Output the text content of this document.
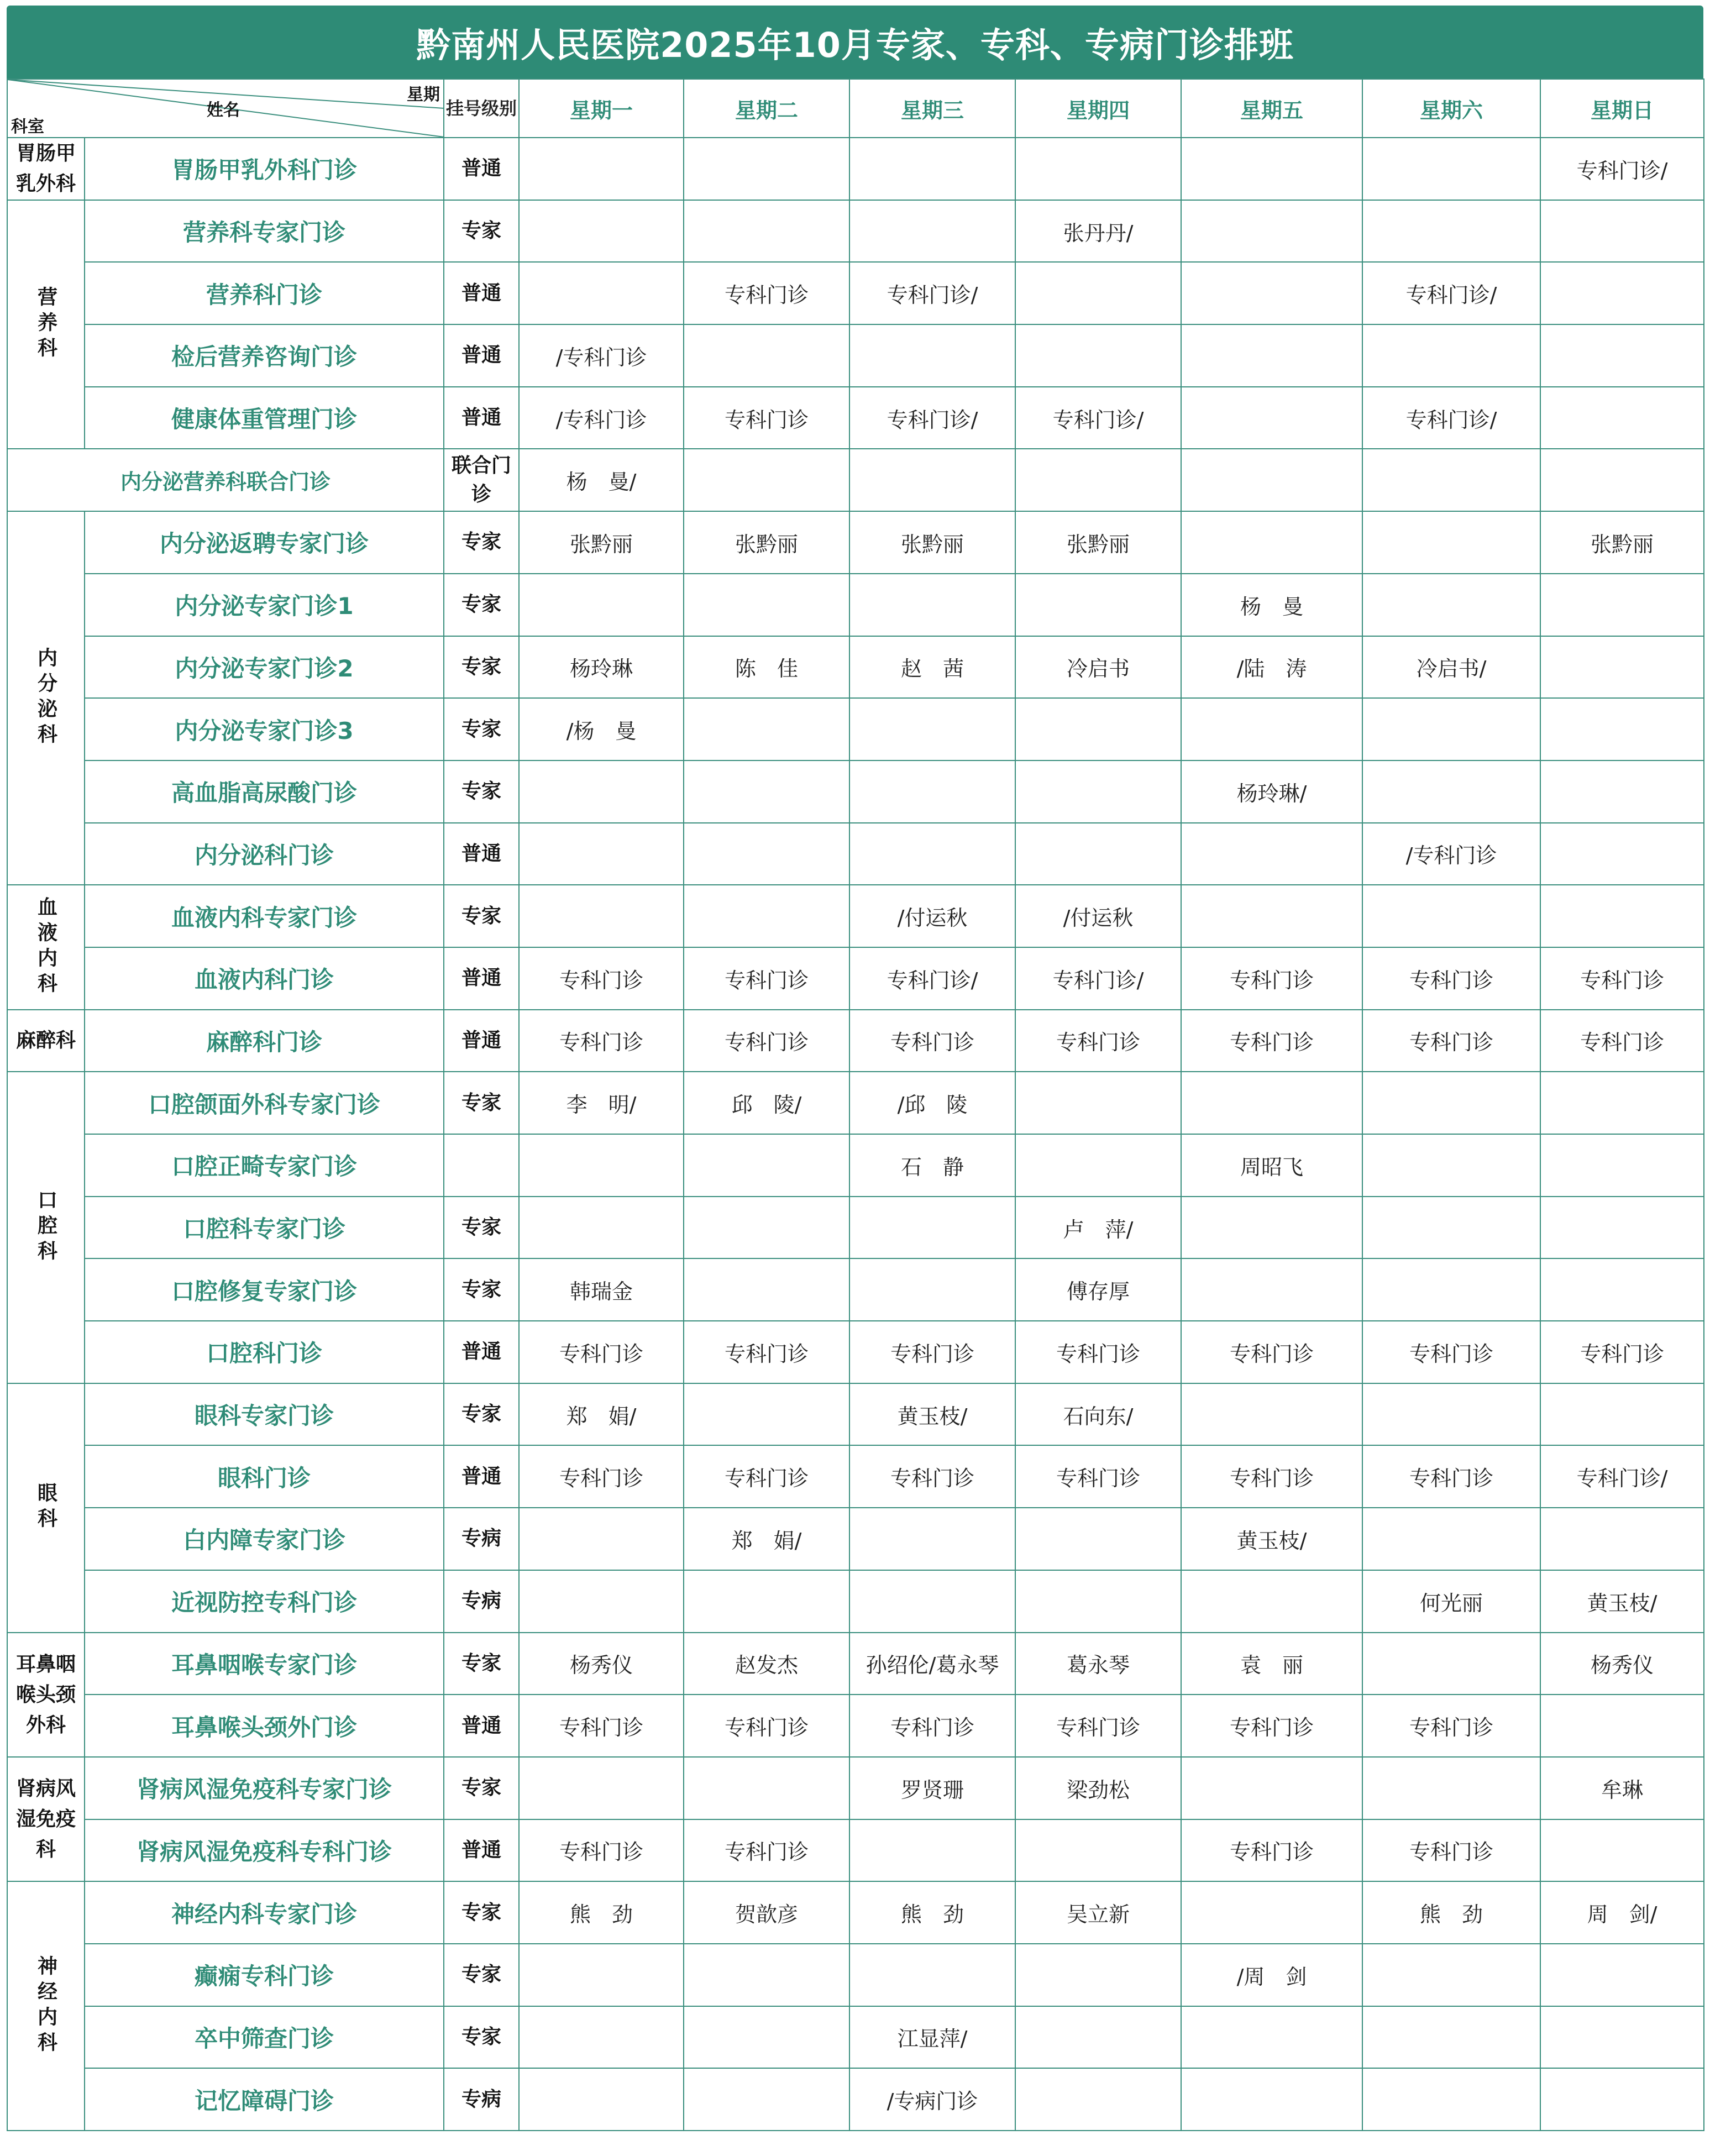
黔南州人民医院2025年10月专家、专科、专病门诊排班
星期
姓名
科室		挂号级别	星期一	星期二	星期三	星期四	星期五	星期六	星期日
胃肠甲乳外科	胃肠甲乳外科门诊	普通							专科门诊/
营养科	营养科专家门诊	专家				张丹丹/			
	营养科门诊	普通		专科门诊	专科门诊/			专科门诊/	
	检后营养咨询门诊	普通	/专科门诊						
	健康体重管理门诊	普通	/专科门诊	专科门诊	专科门诊/	专科门诊/		专科门诊/	
内分泌营养科联合门诊		联合门诊	杨　曼/						
内分泌科	内分泌返聘专家门诊	专家	张黔丽	张黔丽	张黔丽	张黔丽			张黔丽
	内分泌专家门诊1	专家					杨　曼		
	内分泌专家门诊2	专家	杨玲琳	陈　佳	赵　茜	冷启书	/陆　涛	冷启书/	
	内分泌专家门诊3	专家	/杨　曼						
	高血脂高尿酸门诊	专家					杨玲琳/		
	内分泌科门诊	普通						/专科门诊	
血液内科	血液内科专家门诊	专家			/付运秋	/付运秋			
	血液内科门诊	普通	专科门诊	专科门诊	专科门诊/	专科门诊/	专科门诊	专科门诊	专科门诊
麻醉科	麻醉科门诊	普通	专科门诊	专科门诊	专科门诊	专科门诊	专科门诊	专科门诊	专科门诊
口腔科	口腔颌面外科专家门诊	专家	李　明/	邱　陵/	/邱　陵				
	口腔正畸专家门诊				石　静		周昭飞		
	口腔科专家门诊	专家				卢　萍/			
	口腔修复专家门诊	专家	韩瑞金			傅存厚			
	口腔科门诊	普通	专科门诊	专科门诊	专科门诊	专科门诊	专科门诊	专科门诊	专科门诊
眼科	眼科专家门诊	专家	郑　娟/		黄玉枝/	石向东/			
	眼科门诊	普通	专科门诊	专科门诊	专科门诊	专科门诊	专科门诊	专科门诊	专科门诊/
	白内障专家门诊	专病		郑　娟/			黄玉枝/		
	近视防控专科门诊	专病						何光丽	黄玉枝/
耳鼻咽喉头颈外科	耳鼻咽喉专家门诊	专家	杨秀仪	赵发杰	孙绍伦/葛永琴	葛永琴	袁　丽		杨秀仪
	耳鼻喉头颈外门诊	普通	专科门诊	专科门诊	专科门诊	专科门诊	专科门诊	专科门诊	
肾病风湿免疫科	肾病风湿免疫科专家门诊	专家			罗贤珊	梁劲松			牟琳
	肾病风湿免疫科专科门诊	普通	专科门诊	专科门诊			专科门诊	专科门诊	
神经内科	神经内科专家门诊	专家	熊　劲	贺歆彦	熊　劲	吴立新		熊　劲	周　剑/
	癫痫专科门诊	专家					/周　剑		
	卒中筛查门诊	专家			江显萍/				
	记忆障碍门诊	专病			/专病门诊				
